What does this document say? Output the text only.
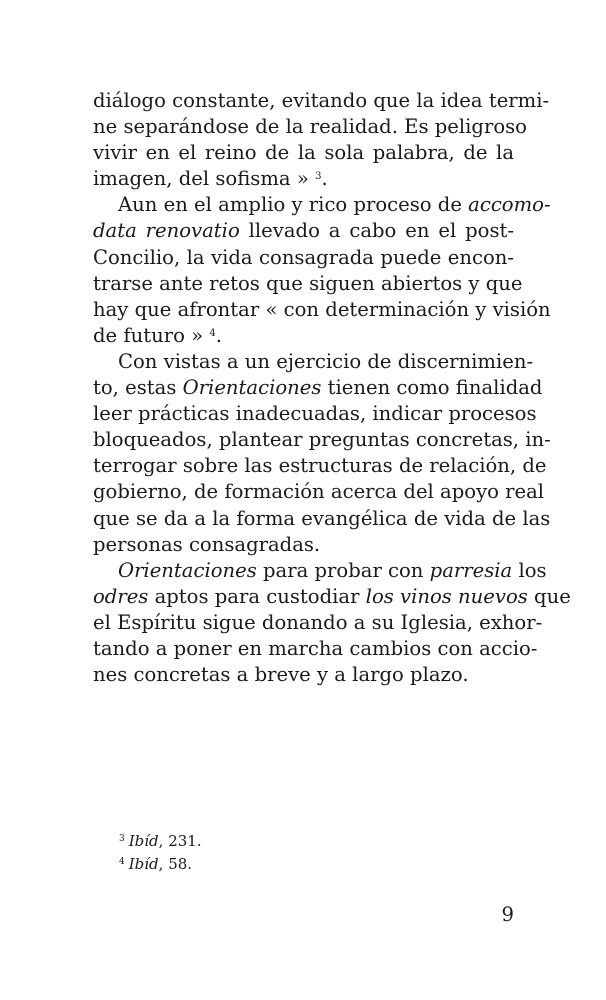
diálogo constante, evitando que la idea termi-
ne separándose de la realidad. Es peligroso
vivir en el reino de la sola palabra, de la
imagen, del sofisma » $^3$.

Aun en el amplio y rico proceso de accomo-
data renovatio llevado a cabo en el post-
Concilio, la vida consagrada puede encon-
trarse ante retos que siguen abiertos y que
hay que afrontar « con determinación y visión
de futuro » $^4$.

Con vistas a un ejercicio de discernimien-
to, estas Orientaciones tienen como finalidad
leer prácticas inadecuadas, indicar procesos
bloqueados, plantear preguntas concretas, in-
terrogar sobre las estructuras de relación, de
gobierno, de formación acerca del apoyo real
que se da a la forma evangélica de vida de las
personas consagradas.

Orientaciones para probar con parresia los
odres aptos para custodiar los vinos nuevos que
el Espíritu sigue donando a su Iglesia, exhor-
tando a poner en marcha cambios con accio-
nes concretas a breve y a largo plazo.

$^3$ Ibíd, 231.
$^4$ Ibíd, 58.
9
